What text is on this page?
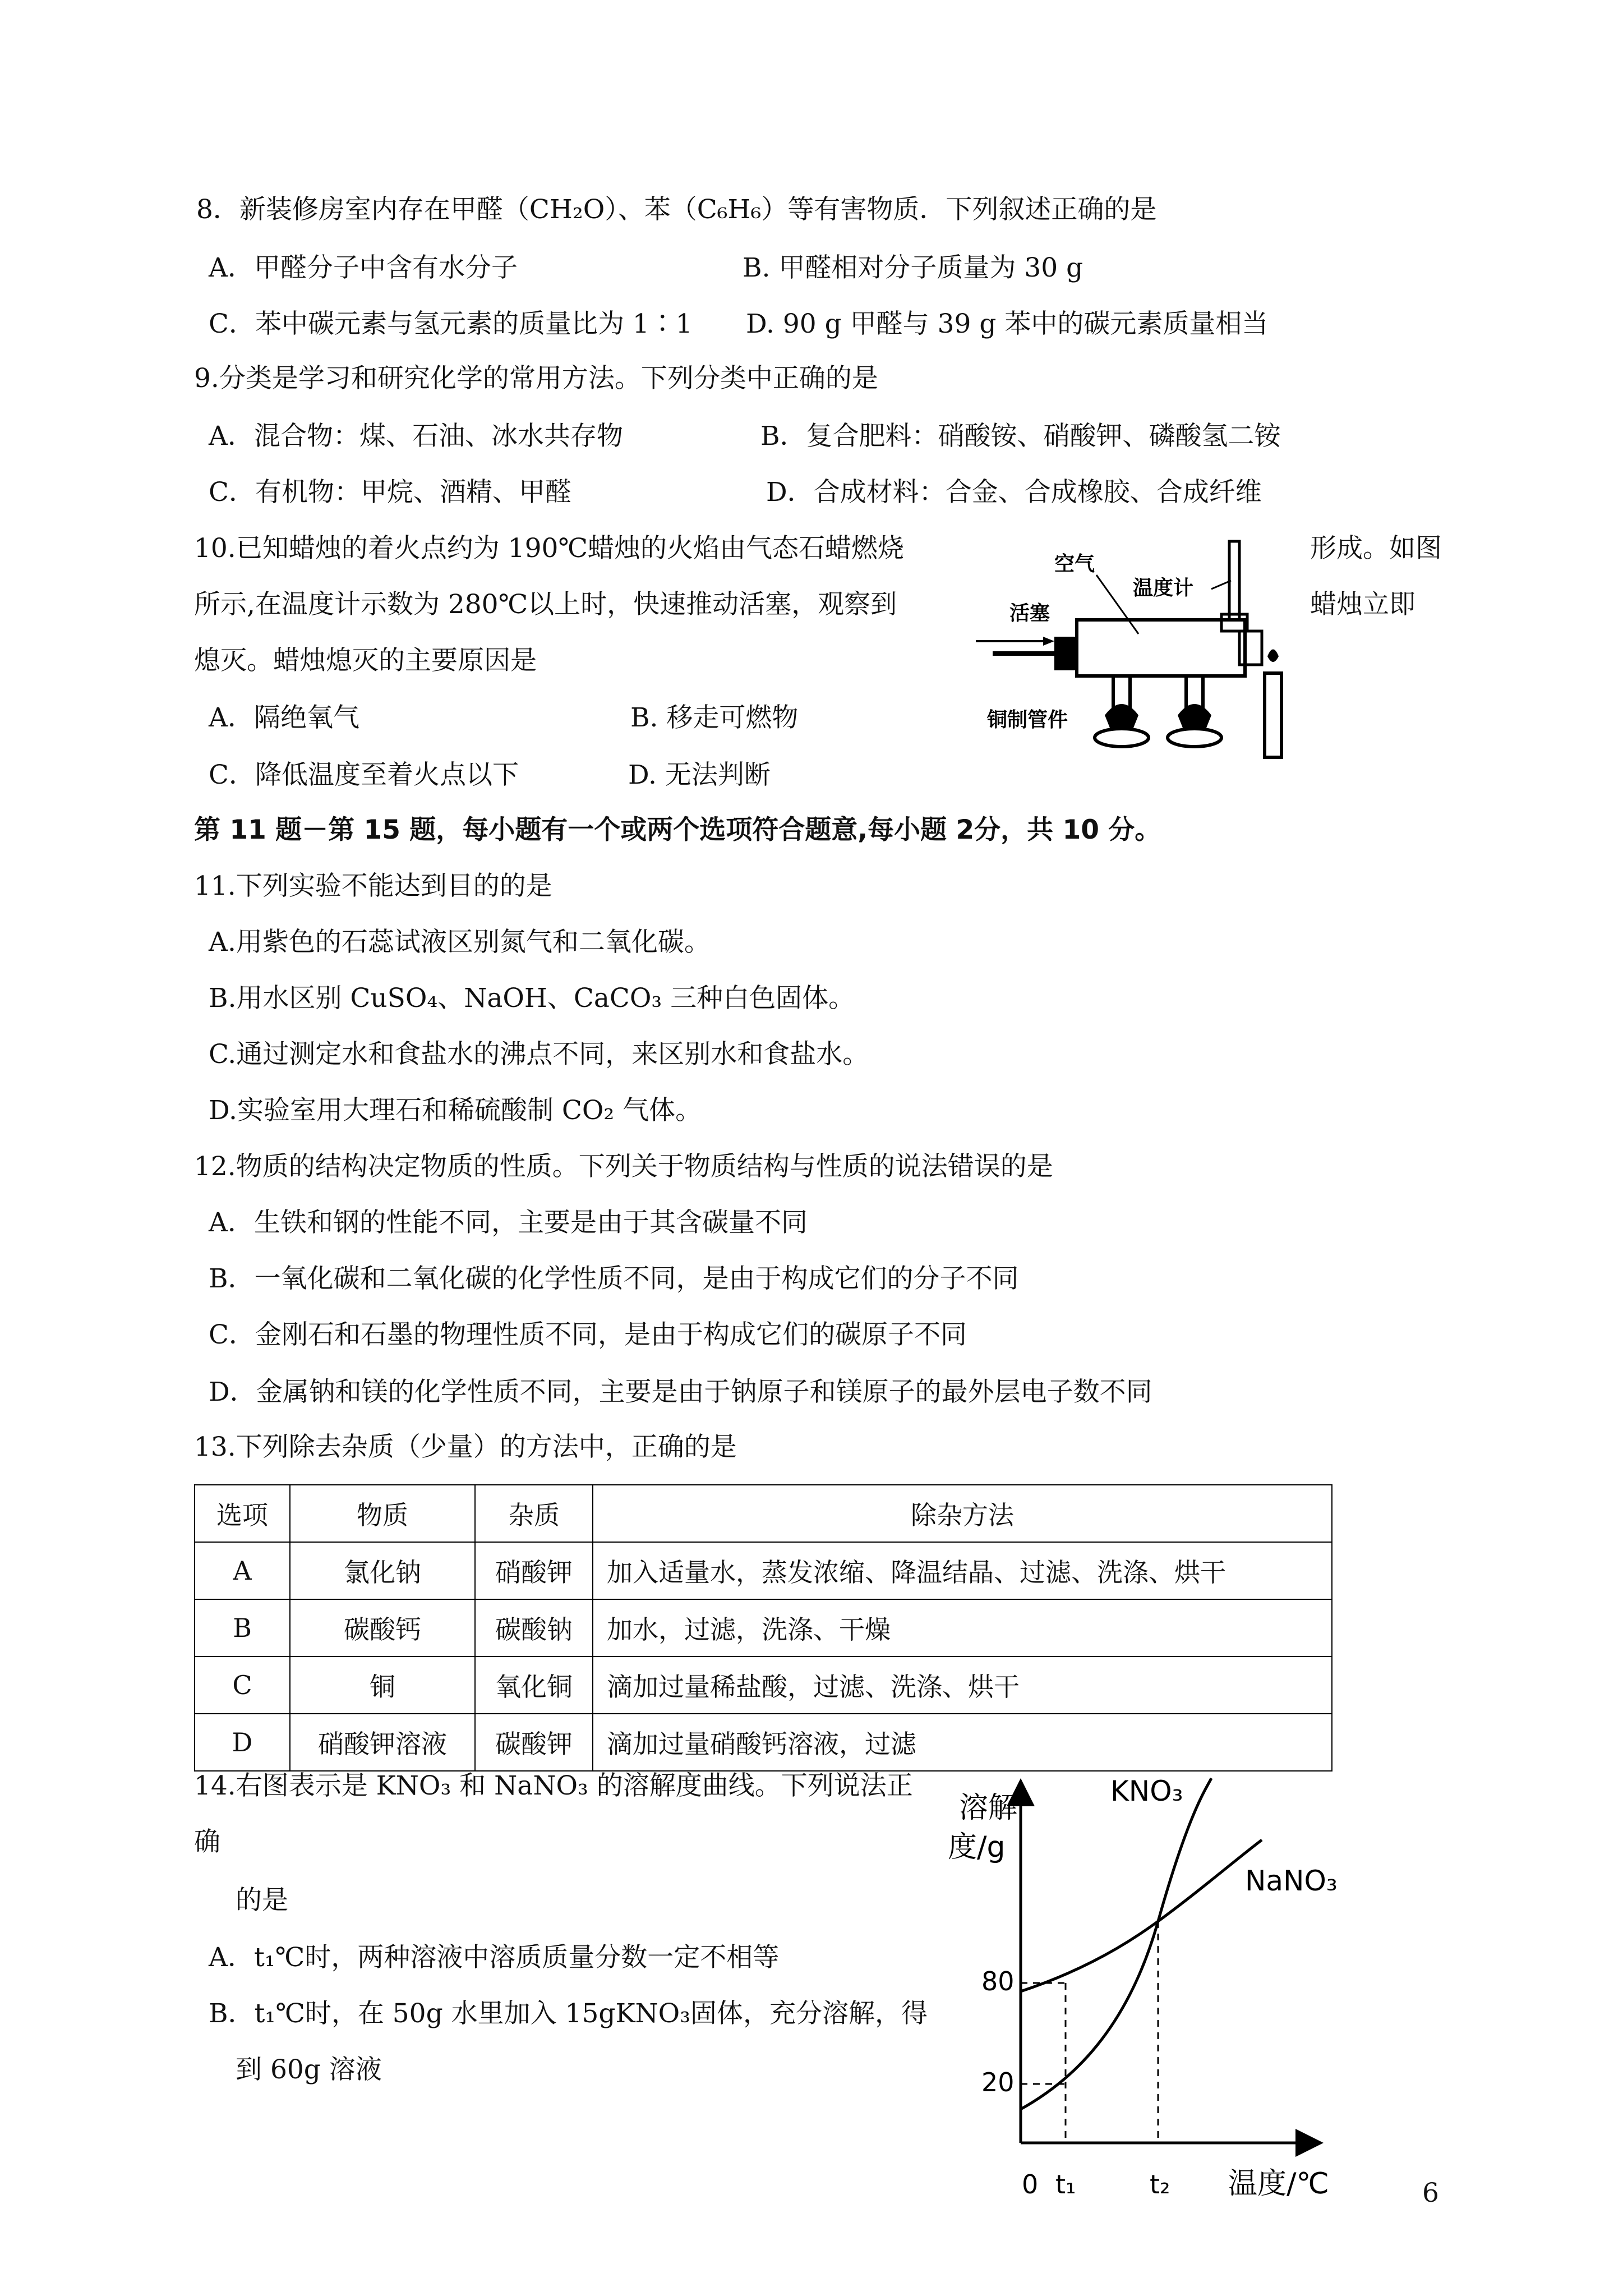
8．新装修房室内存在甲醛（CH₂O）、苯（C₆H₆）等有害物质．下列叙述正确的是
A．甲醛分子中含有水分子	B. 甲醛相对分子质量为 30 g
C．苯中碳元素与氢元素的质量比为 1∶1 D. 90 g 甲醛与 39 g 苯中的碳元素质量相当
9.分类是学习和研究化学的常用方法。下列分类中正确的是
A．混合物：煤、石油、冰水共存物	B．复合肥料：硝酸铵、硝酸钾、磷酸氢二铵
C．有机物：甲烷、酒精、甲醛	D．合成材料：合金、合成橡胶、合成纤维
10.已知蜡烛的着火点约为 190℃蜡烛的火焰由气态石蜡燃烧	形成。如图
所示,在温度计示数为 280℃以上时，快速推动活塞，观察到	蜡烛立即
熄灭。蜡烛熄灭的主要原因是
A．隔绝氧气	B. 移走可燃物
C．降低温度至着火点以下	D. 无法判断
空气
温度计
活塞
铜制管件
第 11 题－第 15 题，每小题有一个或两个选项符合题意,每小题 2分，共 10 分。
11.下列实验不能达到目的的是
A.用紫色的石蕊试液区别氮气和二氧化碳。
B.用水区别 CuSO₄、NaOH、CaCO₃ 三种白色固体。
C.通过测定水和食盐水的沸点不同，来区别水和食盐水。
D.实验室用大理石和稀硫酸制 CO₂ 气体。
12.物质的结构决定物质的性质。下列关于物质结构与性质的说法错误的是
A．生铁和钢的性能不同，主要是由于其含碳量不同
B．一氧化碳和二氧化碳的化学性质不同，是由于构成它们的分子不同
C．金刚石和石墨的物理性质不同，是由于构成它们的碳原子不同
D．金属钠和镁的化学性质不同，主要是由于钠原子和镁原子的最外层电子数不同
13.下列除去杂质（少量）的方法中，正确的是
选项	物质	杂质	除杂方法
A	氯化钠	硝酸钾	加入适量水，蒸发浓缩、降温结晶、过滤、洗涤、烘干
B	碳酸钙	碳酸钠	加水，过滤，洗涤、干燥
C	铜	氧化铜	滴加过量稀盐酸，过滤、洗涤、烘干
D	硝酸钾溶液	碳酸钾	滴加过量硝酸钙溶液，过滤
14.右图表示是 KNO₃ 和 NaNO₃ 的溶解度曲线。下列说法正
确
的是
A．t₁℃时，两种溶液中溶质质量分数一定不相等
B．t₁℃时，在 50g 水里加入 15gKNO₃固体，充分溶解，得
到 60g 溶液
溶解
度/g
温度/℃
0 t₁	t₂
80
20
KNO₃
NaNO₃
6
